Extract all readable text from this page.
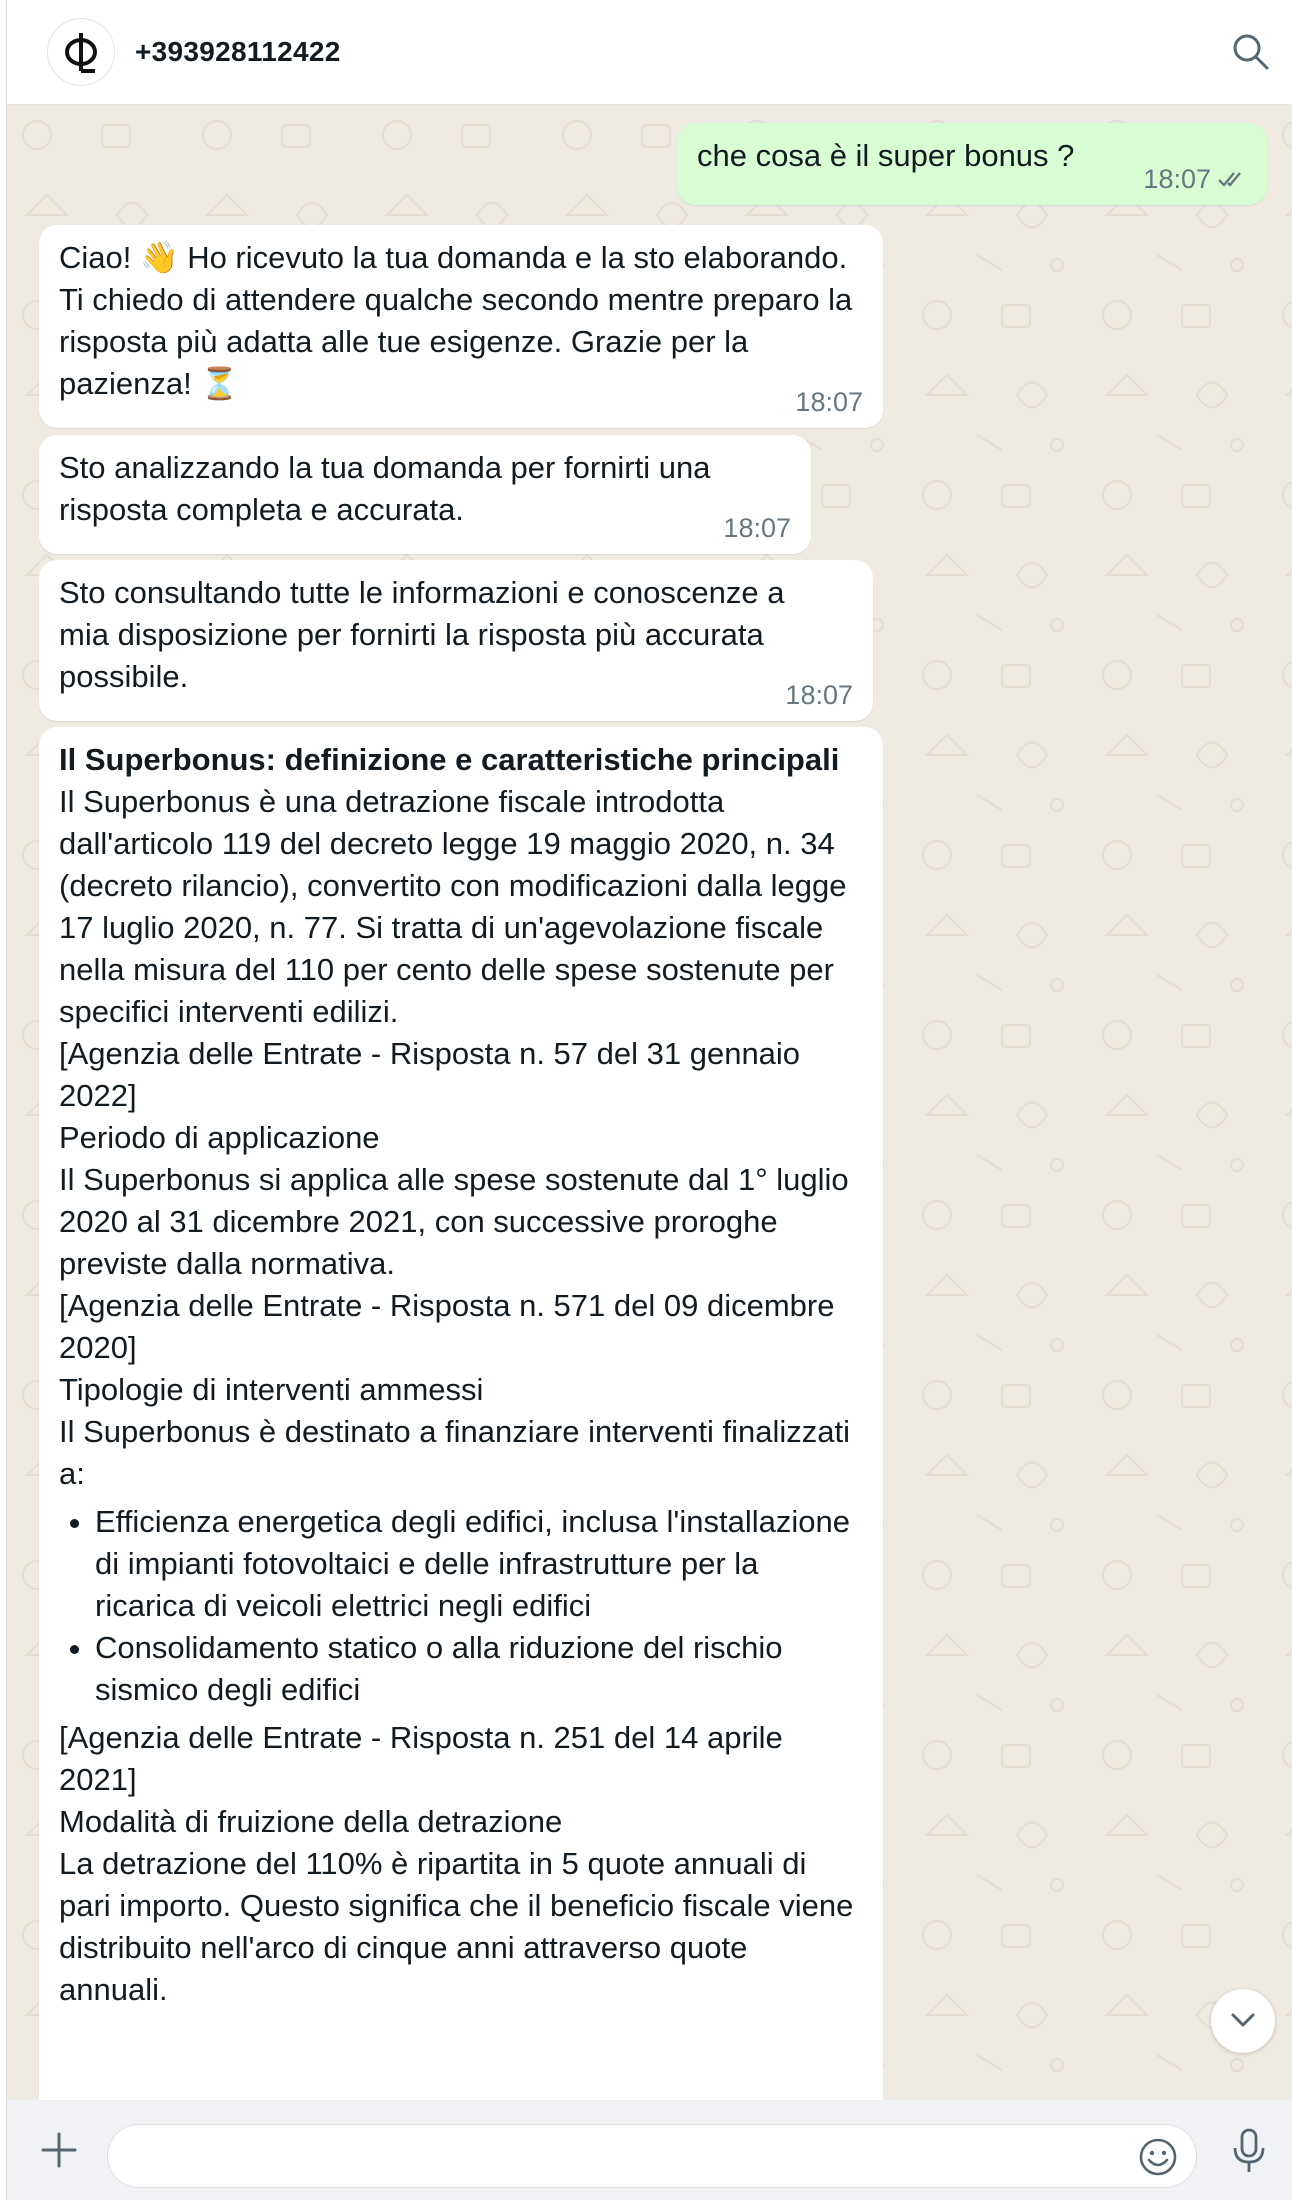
+393928112422

che cosa è il super bonus ?

18:07

Ciao! 👋 Ho ricevuto la tua domanda e la sto elaborando. Ti chiedo di attendere qualche secondo mentre preparo la risposta più adatta alle tue esigenze. Grazie per la pazienza! ⏳

18:07

Sto analizzando la tua domanda per fornirti una risposta completa e accurata.

18:07

Sto consultando tutte le informazioni e conoscenze a mia disposizione per fornirti la risposta più accurata possibile.

18:07

Il Superbonus: definizione e caratteristiche principali

Il Superbonus è una detrazione fiscale introdotta dall'articolo 119 del decreto legge 19 maggio 2020, n. 34 (decreto rilancio), convertito con modificazioni dalla legge 17 luglio 2020, n. 77. Si tratta di un'agevolazione fiscale nella misura del 110 per cento delle spese sostenute per specifici interventi edilizi.

[Agenzia delle Entrate - Risposta n. 57 del 31 gennaio 2022]

Periodo di applicazione

Il Superbonus si applica alle spese sostenute dal 1° luglio 2020 al 31 dicembre 2021, con successive proroghe previste dalla normativa.

[Agenzia delle Entrate - Risposta n. 571 del 09 dicembre 2020]

Tipologie di interventi ammessi

Il Superbonus è destinato a finanziare interventi finalizzati a:

• Efficienza energetica degli edifici, inclusa l'installazione di impianti fotovoltaici e delle infrastrutture per la ricarica di veicoli elettrici negli edifici
• Consolidamento statico o alla riduzione del rischio sismico degli edifici

[Agenzia delle Entrate - Risposta n. 251 del 14 aprile 2021]

Modalità di fruizione della detrazione

La detrazione del 110% è ripartita in 5 quote annuali di pari importo. Questo significa che il beneficio fiscale viene distribuito nell'arco di cinque anni attraverso quote annuali.
